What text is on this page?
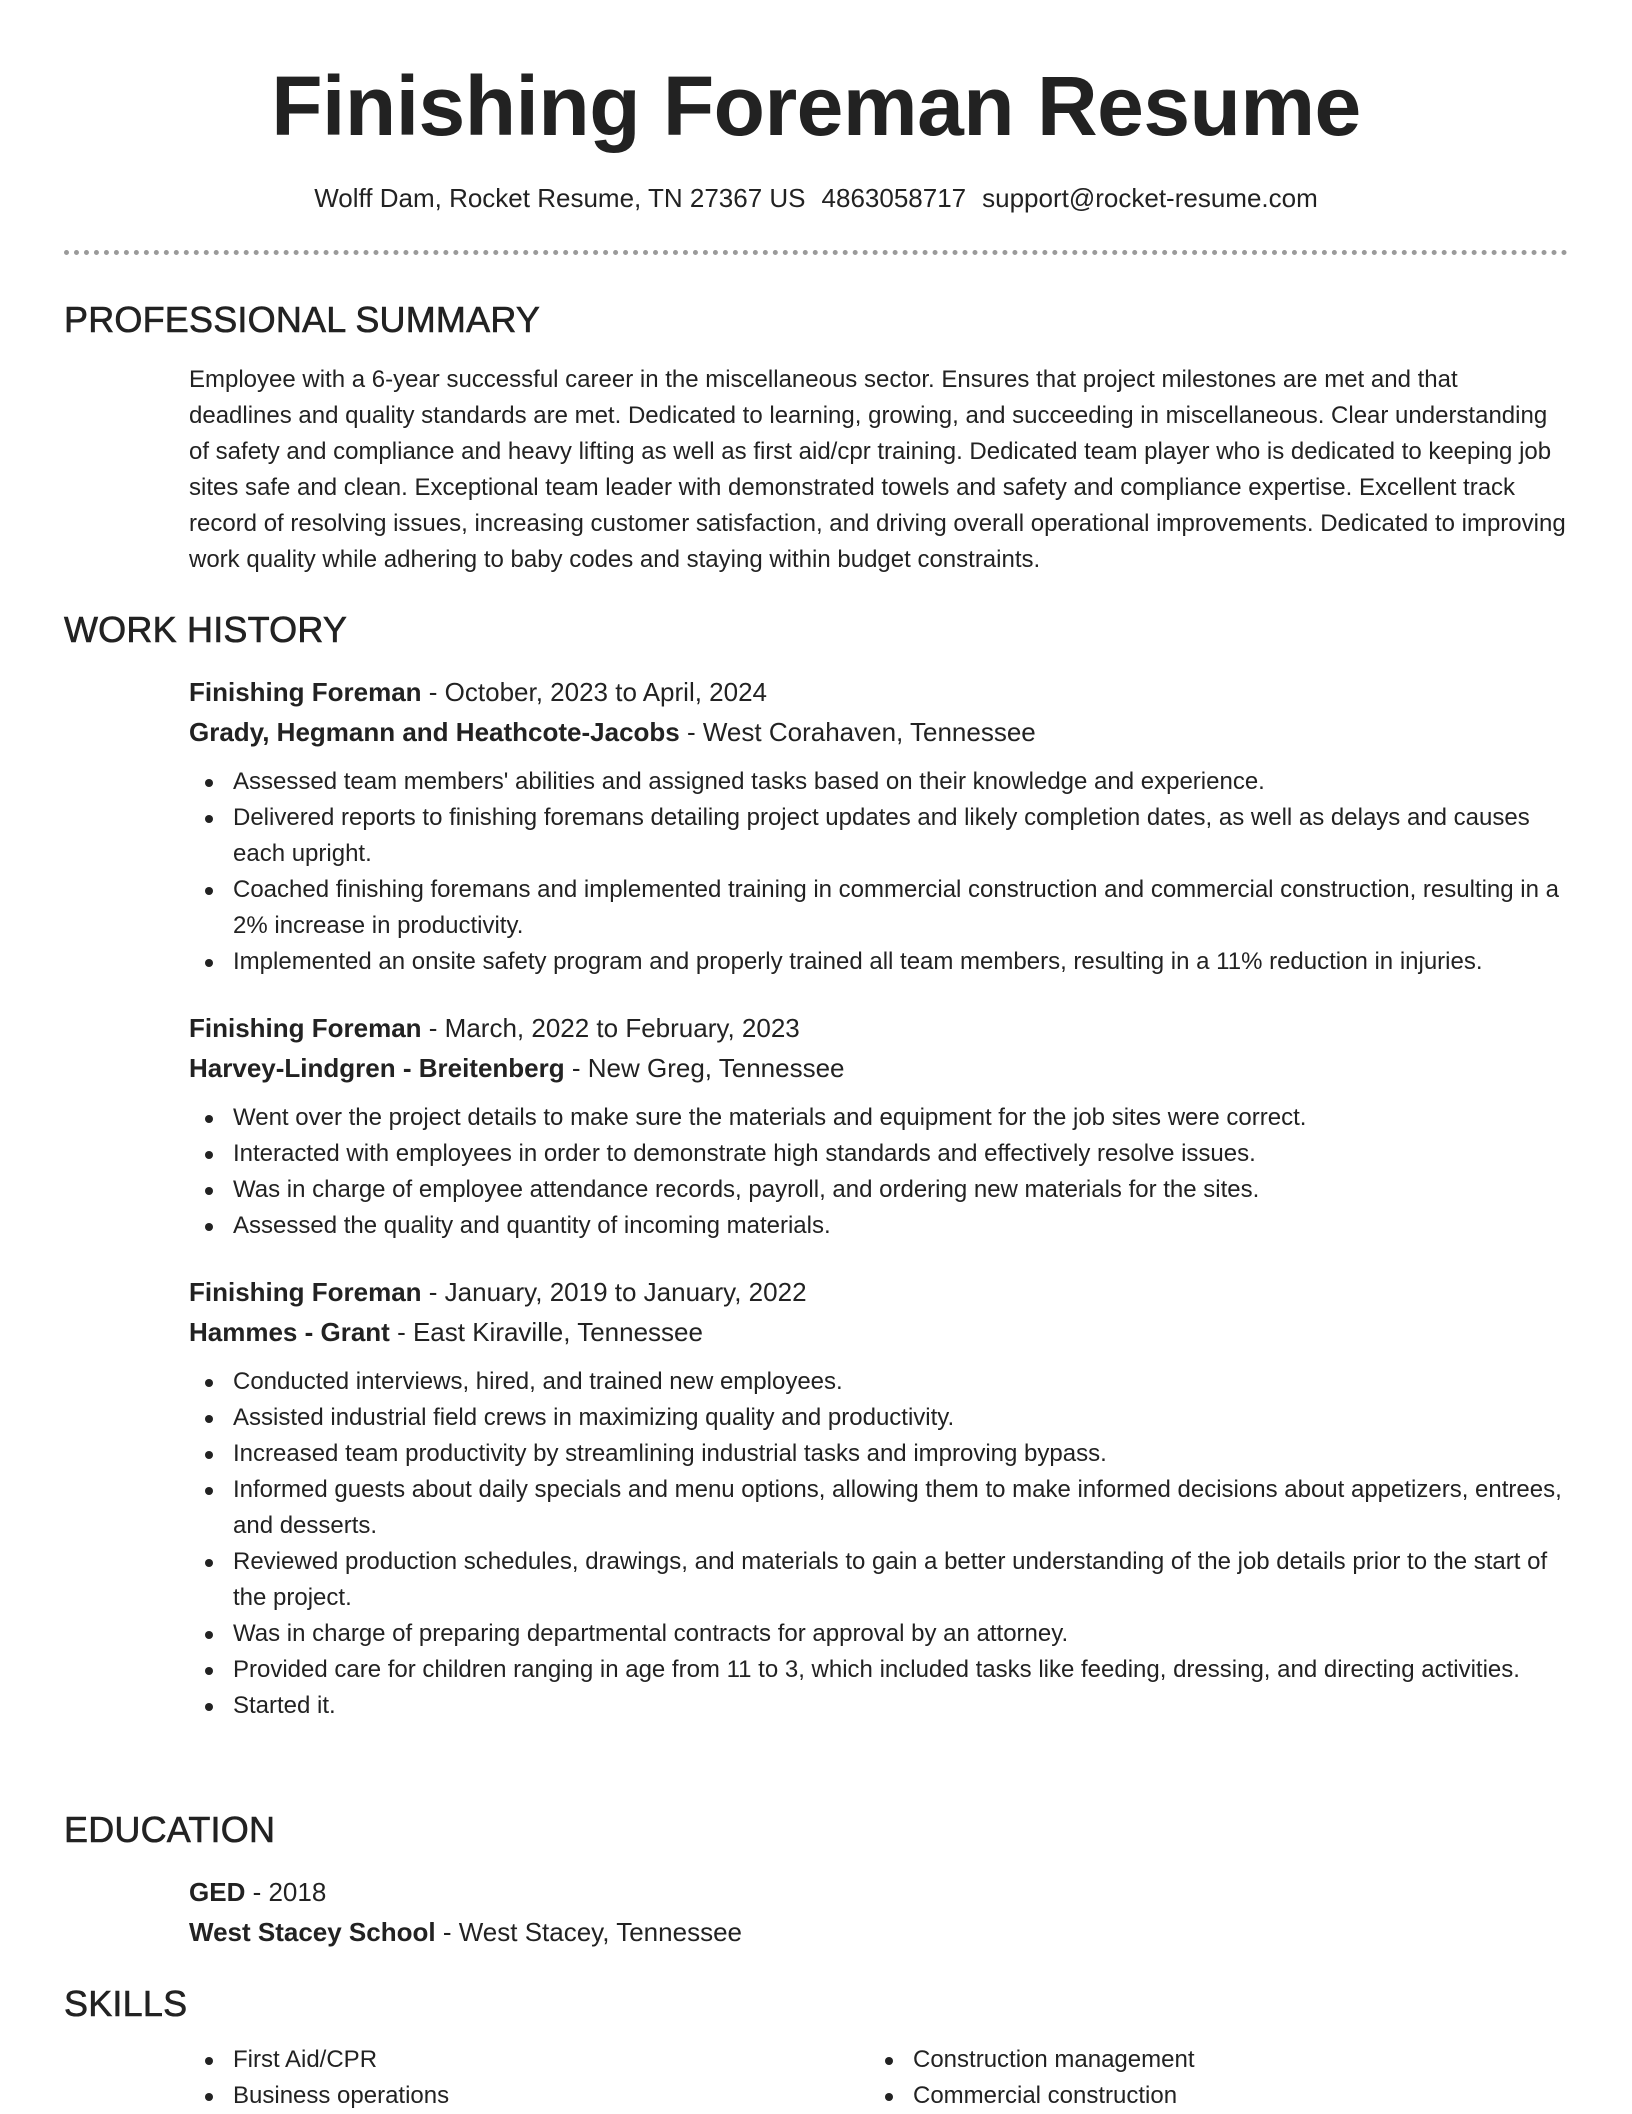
Finishing Foreman Resume
Wolff Dam, Rocket Resume, TN 27367 US 4863058717 support@rocket-resume.com
PROFESSIONAL SUMMARY

Employee with a 6-year successful career in the miscellaneous sector. Ensures that project milestones are met and that deadlines and quality standards are met. Dedicated to learning, growing, and succeeding in miscellaneous. Clear understanding of safety and compliance and heavy lifting as well as first aid/cpr training. Dedicated team player who is dedicated to keeping job sites safe and clean. Exceptional team leader with demonstrated towels and safety and compliance expertise. Excellent track record of resolving issues, increasing customer satisfaction, and driving overall operational improvements. Dedicated to improving work quality while adhering to baby codes and staying within budget constraints.

WORK HISTORY

Finishing Foreman - October, 2023 to April, 2024

Grady, Hegmann and Heathcote-Jacobs - West Corahaven, Tennessee

Assessed team members' abilities and assigned tasks based on their knowledge and experience.
Delivered reports to finishing foremans detailing project updates and likely completion dates, as well as delays and causes each upright.
Coached finishing foremans and implemented training in commercial construction and commercial construction, resulting in a 2% increase in productivity.
Implemented an onsite safety program and properly trained all team members, resulting in a 11% reduction in injuries.

Finishing Foreman - March, 2022 to February, 2023

Harvey-Lindgren - Breitenberg - New Greg, Tennessee

Went over the project details to make sure the materials and equipment for the job sites were correct.
Interacted with employees in order to demonstrate high standards and effectively resolve issues.
Was in charge of employee attendance records, payroll, and ordering new materials for the sites.
Assessed the quality and quantity of incoming materials.

Finishing Foreman - January, 2019 to January, 2022

Hammes - Grant - East Kiraville, Tennessee

Conducted interviews, hired, and trained new employees.
Assisted industrial field crews in maximizing quality and productivity.
Increased team productivity by streamlining industrial tasks and improving bypass.
Informed guests about daily specials and menu options, allowing them to make informed decisions about appetizers, entrees, and desserts.
Reviewed production schedules, drawings, and materials to gain a better understanding of the job details prior to the start of the project.
Was in charge of preparing departmental contracts for approval by an attorney.
Provided care for children ranging in age from 11 to 3, which included tasks like feeding, dressing, and directing activities.
Started it.
EDUCATION

GED - 2018

West Stacey School - West Stacey, Tennessee

SKILLS
First Aid/CPR
Business operations
Construction management
Commercial construction
